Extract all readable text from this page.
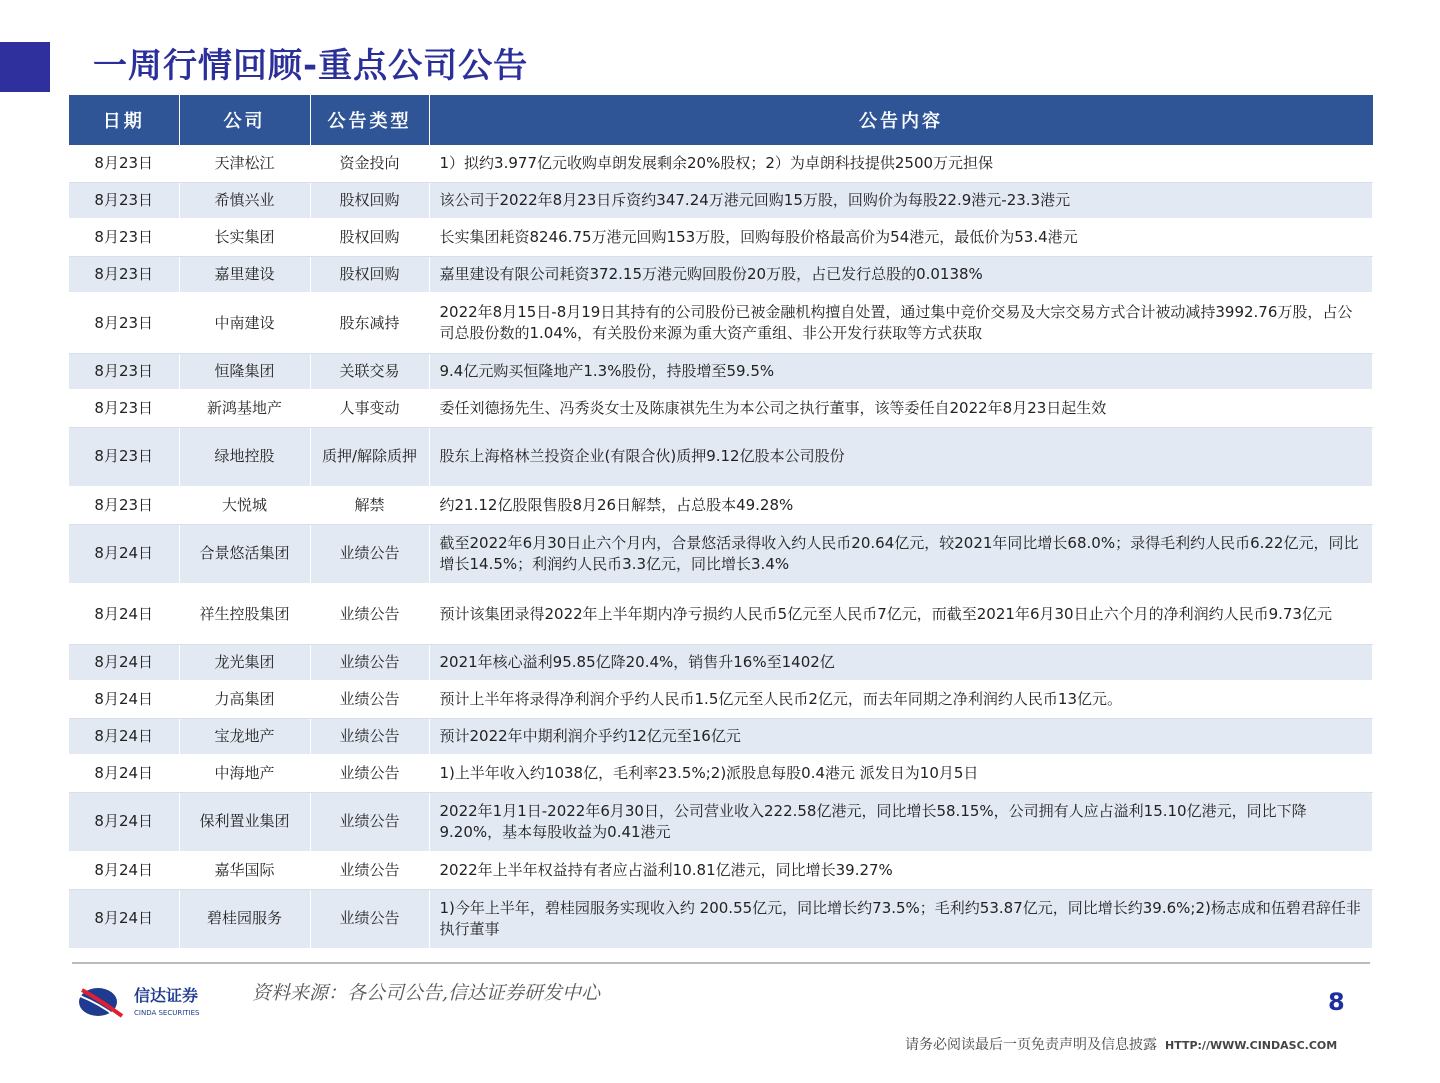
一周行情回顾-重点公司公告
日期	公司	公告类型	公告内容
8月23日	天津松江	资金投向	1）拟约3.977亿元收购卓朗发展剩余20%股权；2）为卓朗科技提供2500万元担保
8月23日	希慎兴业	股权回购	该公司于2022年8月23日斥资约347.24万港元回购15万股，回购价为每股22.9港元-23.3港元
8月23日	长实集团	股权回购	长实集团耗资8246.75万港元回购153万股，回购每股价格最高价为54港元，最低价为53.4港元
8月23日	嘉里建设	股权回购	嘉里建设有限公司耗资372.15万港元购回股份20万股，占已发行总股的0.0138%
8月23日	中南建设	股东减持	2022年8月15日-8月19日其持有的公司股份已被金融机构擅自处置，通过集中竞价交易及大宗交易方式合计被动减持3992.76万股，占公司总股份数的1.04%，有关股份来源为重大资产重组、非公开发行获取等方式获取
8月23日	恒隆集团	关联交易	9.4亿元购买恒隆地产1.3%股份，持股增至59.5%
8月23日	新鸿基地产	人事变动	委任刘德扬先生、冯秀炎女士及陈康祺先生为本公司之执行董事，该等委任自2022年8月23日起生效
8月23日	绿地控股	质押/解除质押	股东上海格林兰投资企业(有限合伙)质押9.12亿股本公司股份
8月23日	大悦城	解禁	约21.12亿股限售股8月26日解禁，占总股本49.28%
8月24日	合景悠活集团	业绩公告	截至2022年6月30日止六个月内，合景悠活录得收入约人民币20.64亿元，较2021年同比增长68.0%；录得毛利约人民币6.22亿元，同比增长14.5%；利润约人民币3.3亿元，同比增长3.4%
8月24日	祥生控股集团	业绩公告	预计该集团录得2022年上半年期内净亏损约人民币5亿元至人民币7亿元，而截至2021年6月30日止六个月的净利润约人民币9.73亿元
8月24日	龙光集团	业绩公告	2021年核心溢利95.85亿降20.4%，销售升16%至1402亿
8月24日	力高集团	业绩公告	预计上半年将录得净利润介乎约人民币1.5亿元至人民币2亿元，而去年同期之净利润约人民币13亿元。
8月24日	宝龙地产	业绩公告	预计2022年中期利润介乎约12亿元至16亿元
8月24日	中海地产	业绩公告	1)上半年收入约1038亿，毛利率23.5%;2)派股息每股0.4港元 派发日为10月5日
8月24日	保利置业集团	业绩公告	2022年1月1日-2022年6月30日，公司营业收入222.58亿港元，同比增长58.15%，公司拥有人应占溢利15.10亿港元，同比下降9.20%，基本每股收益为0.41港元
8月24日	嘉华国际	业绩公告	2022年上半年权益持有者应占溢利10.81亿港元，同比增长39.27%
8月24日	碧桂园服务	业绩公告	1)今年上半年，碧桂园服务实现收入约 200.55亿元，同比增长约73.5%；毛利约53.87亿元，同比增长约39.6%;2)杨志成和伍碧君辞任非执行董事
信达证券
CINDA SECURITIES
资料来源：各公司公告,信达证券研发中心	8
请务必阅读最后一页免责声明及信息披露 HTTP://WWW.CINDASC.COM
